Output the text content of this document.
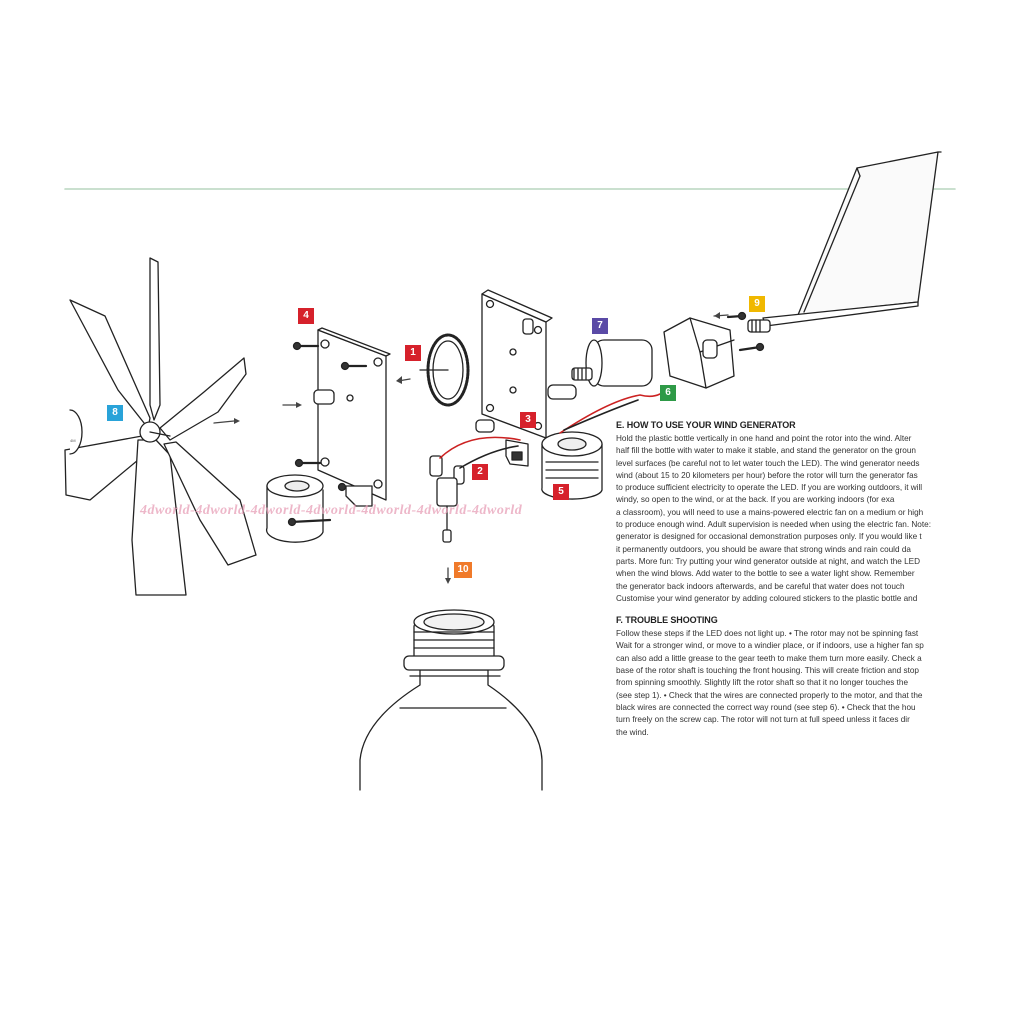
4M
1
2
3
4
5
6
7
8
9
10
4dworld-4dworld-4dworld-4dworld-4dworld-4dworld-4dworld
E. HOW TO USE YOUR WIND GENERATOR

Hold the plastic bottle vertically in one hand and point the rotor into the wind. Alter
half fill the bottle with water to make it stable, and stand the generator on the groun
level surfaces (be careful not to let water touch the LED). The wind generator needs
wind (about 15 to 20 kilometers per hour) before the rotor will turn the generator fas
to produce sufficient electricity to operate the LED. If you are working outdoors, it will
windy, so open to the wind, or at the back. If you are working indoors (for exa
a classroom), you will need to use a mains-powered electric fan on a medium or high
to produce enough wind. Adult supervision is needed when using the electric fan. Note:
generator is designed for occasional demonstration purposes only. If you would like t
it permanently outdoors, you should be aware that strong winds and rain could da
parts. More fun: Try putting your wind generator outside at night, and watch the LED
when the wind blows. Add water to the bottle to see a water light show. Remember
the generator back indoors afterwards, and be careful that water does not touch
Customise your wind generator by adding coloured stickers to the plastic bottle and

F. TROUBLE SHOOTING

Follow these steps if the LED does not light up. • The rotor may not be spinning fast
Wait for a stronger wind, or move to a windier place, or if indoors, use a higher fan sp
can also add a little grease to the gear teeth to make them turn more easily. Check a
base of the rotor shaft is touching the front housing. This will create friction and stop
from spinning smoothly. Slightly lift the rotor shaft so that it no longer touches the
(see step 1). • Check that the wires are connected properly to the motor, and that the
black wires are connected the correct way round (see step 6). • Check that the hou
turn freely on the screw cap. The rotor will not turn at full speed unless it faces dir
the wind.
